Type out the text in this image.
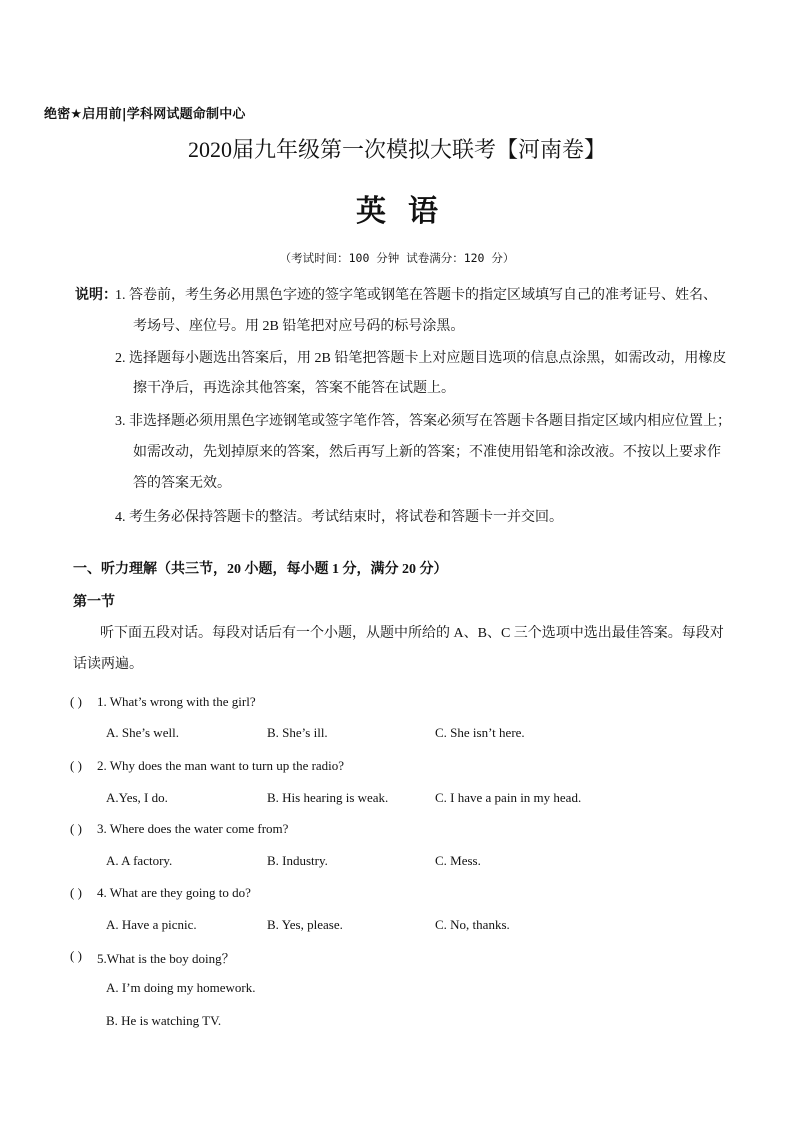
绝密★启用前|学科网试题命制中心
2020届九年级第一次模拟大联考【河南卷】
英语
（考试时间：100 分钟 试卷满分：120 分）
说明：
1. 答卷前，考生务必用黑色字迹的签字笔或钢笔在答题卡的指定区域填写自己的准考证号、姓名、
考场号、座位号。用 2B 铅笔把对应号码的标号涂黑。
2. 选择题每小题选出答案后，用 2B 铅笔把答题卡上对应题目选项的信息点涂黑，如需改动，用橡皮
擦干净后，再选涂其他答案，答案不能答在试题上。
3. 非选择题必须用黑色字迹钢笔或签字笔作答，答案必须写在答题卡各题目指定区域内相应位置上；
如需改动，先划掉原来的答案，然后再写上新的答案；不准使用铅笔和涂改液。不按以上要求作
答的答案无效。
4. 考生务必保持答题卡的整洁。考试结束时，将试卷和答题卡一并交回。
一、听力理解（共三节，20 小题，每小题 1 分，满分 20 分）
第一节
听下面五段对话。每段对话后有一个小题，从题中所给的 A、B、C 三个选项中选出最佳答案。每段对
话读两遍。
( ) 1. What’s wrong with the girl?
A. She’s well.	B. She’s ill.	C. She isn’t here.
( ) 2. Why does the man want to turn up the radio?
A.Yes, I do.	B. His hearing is weak.	C. I have a pain in my head.
( ) 3. Where does the water come from?
A. A factory.	B. Industry.	C. Mess.
( ) 4. What are they going to do?
A. Have a picnic.	B. Yes, please.	C. No, thanks.
( ) 5.What is the boy doing？
A. I’m doing my homework.
B. He is watching TV.
